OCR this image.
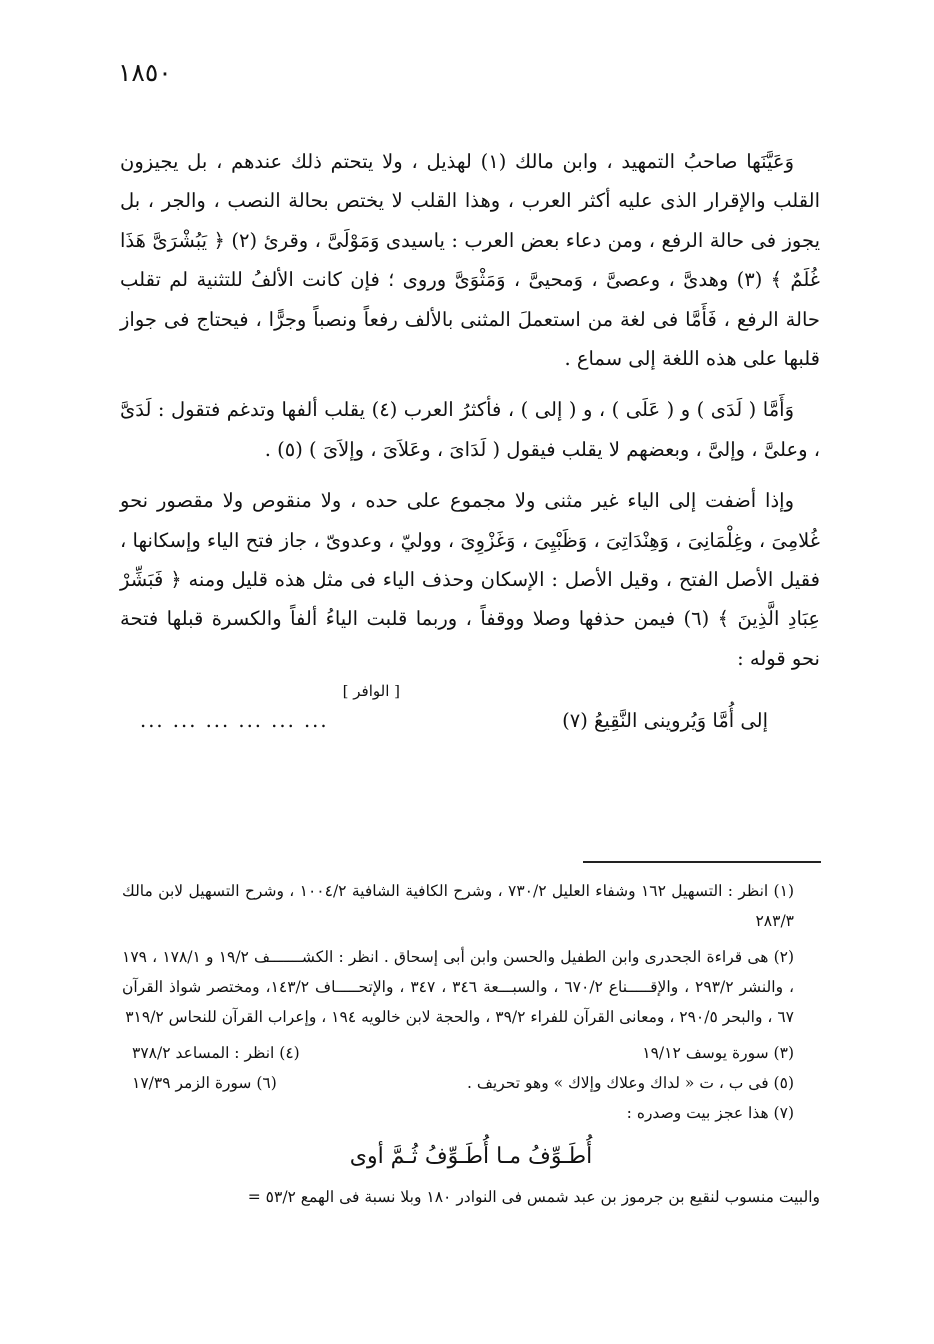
١٨٥٠

وَعَيَّنَها صاحبُ التمهيد ، وابن مالك (١) لهذيل ، ولا يتحتم ذلك عندهم ، بل يجيزون القلب والإقرار الذى عليه أكثر العرب ، وهذا القلب لا يختص بحالة النصب ، والجر ، بل يجوز فى حالة الرفع ، ومن دعاء بعض العرب : ياسيدى وَمَوْلَىَّ ، وقرئ (٢) ﴿ يَبُشْرَىَّ هَذَا غُلَمٌ ﴾ (٣) وهدىَّ ، وعصىَّ ، وَمحيىَّ ، وَمَثْوَىَّ وروى ؛ فإن كانت الألفُ للتثنية لم تقلب حالة الرفع ، فَأَمَّا فى لغة من استعملَ المثنى بالألف رفعاً ونصباً وجرًّا ، فيحتاج فى جواز قلبها على هذه اللغة إلى سماع .

وَأَمَّا ( لَدَى ) و ( عَلَى ) ، و ( إلى ) ، فأكثرُ العرب (٤) يقلب ألفها وتدغم فتقول : لَدَىَّ ، وعلىَّ ، وإلىَّ ، وبعضهم لا يقلب فيقول ( لَدَاىَ ، وعَلاَىَ ، وإلاَىَ ) (٥) .

وإذا أضفت إلى الياء غير مثنى ولا مجموع على حده ، ولا منقوص ولا مقصور نحو غُلامِىَ ، وغِلْمَانِىَ ، وَهِنْدَاتِىَ ، وَظَبْيِىَ ، وَغَزْوِىَ ، ووليّ ، وعدوىّ ، جاز فتح الياء وإسكانها ، فقيل الأصل الفتح ، وقيل الأصل : الإسكان وحذف الياء فى مثل هذه قليل ومنه ﴿ فَبَشِّرْ عِبَادِ الَّذِينَ ﴾ (٦) فيمن حذفها وصلا ووقفاً ، وربما قلبت الياءُ ألفاً والكسرة قبلها فتحة نحو قوله :

[ الوافر ]
إلى أُمَّا وَيُروينى النَّقِيعُ (٧)
... ... ... ... ... ...

(١) انظر : التسهيل ١٦٢ وشفاء العليل ٧٣٠/٢ ، وشرح الكافية الشافية ١٠٠٤/٢ ، وشرح التسهيل لابن مالك ٢٨٣/٣

(٢) هى قراءة الجحدرى وابن الطفيل والحسن وابن أبى إسحاق . انظر : الكشـــــــف ١٩/٢ و ١٧٨/١ ، ١٧٩ ، والنشر ٢٩٣/٢ ، والإقـــــناع ٦٧٠/٢ ، والسبـــعة ٣٤٦ ، ٣٤٧ ، والإتحـــــاف ١٤٣/٢، ومختصر شواذ القرآن ٦٧ ، والبحر ٢٩٠/٥ ، ومعانى القرآن للفراء ٣٩/٢ ، والحجة لابن خالويه ١٩٤ ، وإعراب القرآن للنحاس ٣١٩/٢

(٣) سورة يوسف ١٩/١٢
(٤) انظر : المساعد ٣٧٨/٢
(٥) فى ب ، ت « لداك وعلاك وإلاك » وهو تحريف .
(٦) سورة الزمر ١٧/٣٩

(٧) هذا عجز بيت وصدره :

أُطَـوِّفُ مـا أُطَـوِّفُ ثُـمَّ أوى

والبيت منسوب لنقيع بن جرموز بن عبد شمس فى النوادر ١٨٠ وبلا نسبة فى الهمع ٥٣/٢ =
